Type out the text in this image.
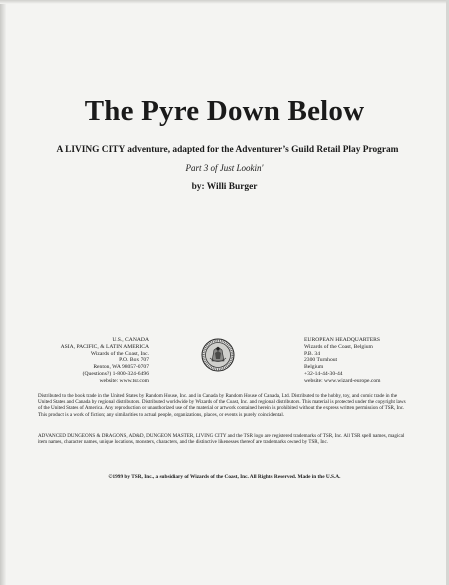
The Pyre Down Below
A LIVING CITY adventure, adapted for the Adventurer’s Guild Retail Play Program
Part 3 of Just Lookin'
by: Willi Burger
U.S., CANADA
ASIA, PACIFIC, & LATIN AMERICA
Wizards of the Coast, Inc.
P.O. Box 707
Renton, WA 98057-0707
(Questions?) 1-800-324-6496
website: www.tsr.com
EUROPEAN HEADQUARTERS
Wizards of the Coast, Belgium
P.B. 34
2300 Turnhout
Belgium
+32-14-44-30-44
website: www.wizard-europe.com
Distributed to the book trade in the United States by Random House, Inc. and in Canada by Random House of Canada, Ltd. Distributed to the hobby, toy, and comic trade in the United States and Canada by regional distributors. Distributed worldwide by Wizards of the Coast, Inc. and regional distributors. This material is protected under the copyright laws of the United States of America. Any reproduction or unauthorized use of the material or artwork contained herein is prohibited without the express written permission of TSR, Inc. This product is a work of fiction; any similarities to actual people, organizations, places, or events is purely coincidental.
ADVANCED DUNGEONS & DRAGONS, AD&D, DUNGEON MASTER, LIVING CITY and the TSR logo are registered trademarks of TSR, Inc. All TSR spell names, magical item names, character names, unique locations, monsters, characters, and the distinctive likenesses thereof are trademarks owned by TSR, Inc.
©1999 by TSR, Inc., a subsidiary of Wizards of the Coast, Inc. All Rights Reserved. Made in the U.S.A.
